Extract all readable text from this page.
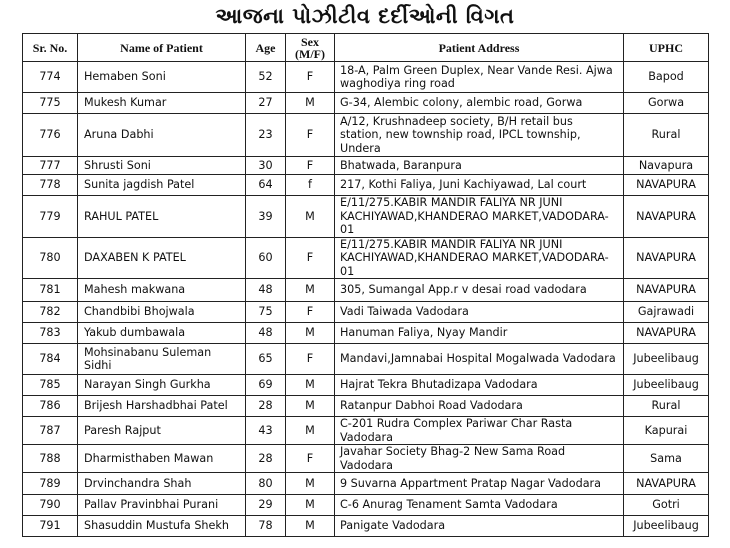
આજના પોઝીટીવ દર્દીઓની વિગત
Sr. No.	Name of Patient	Age	Sex (M/F)	Patient Address	UPHC
774	Hemaben Soni	52	F	18-A, Palm Green Duplex, Near Vande Resi. Ajwa waghodiya ring road	Bapod
775	Mukesh Kumar	27	M	G-34, Alembic colony, alembic road, Gorwa	Gorwa
776	Aruna Dabhi	23	F	A/12, Krushnadeep society, B/H retail bus station, new township road, IPCL township, Undera	Rural
777	Shrusti Soni	30	F	Bhatwada, Baranpura	Navapura
778	Sunita jagdish Patel	64	f	217, Kothi Faliya, Juni Kachiyawad, Lal court	NAVAPURA
779	RAHUL PATEL	39	M	E/11/275.KABIR MANDIR FALIYA NR JUNI KACHIYAWAD,KHANDERAO MARKET,VADODARA-01	NAVAPURA
780	DAXABEN K PATEL	60	F	E/11/275.KABIR MANDIR FALIYA NR JUNI KACHIYAWAD,KHANDERAO MARKET,VADODARA-01	NAVAPURA
781	Mahesh makwana	48	M	305, Sumangal App.r v desai road vadodara	NAVAPURA
782	Chandbibi Bhojwala	75	F	Vadi Taiwada Vadodara	Gajrawadi
783	Yakub dumbawala	48	M	Hanuman Faliya, Nyay Mandir	NAVAPURA
784	Mohsinabanu Suleman Sidhi	65	F	Mandavi,Jamnabai Hospital Mogalwada Vadodara	Jubeelibaug
785	Narayan Singh Gurkha	69	M	Hajrat Tekra Bhutadizapa Vadodara	Jubeelibaug
786	Brijesh Harshadbhai Patel	28	M	Ratanpur Dabhoi Road Vadodara	Rural
787	Paresh Rajput	43	M	C-201 Rudra Complex Pariwar Char Rasta Vadodara	Kapurai
788	Dharmisthaben Mawan	28	F	Javahar Society Bhag-2 New Sama Road Vadodara	Sama
789	Drvinchandra Shah	80	M	9 Suvarna Appartment Pratap Nagar Vadodara	NAVAPURA
790	Pallav Pravinbhai Purani	29	M	C-6 Anurag Tenament Samta Vadodara	Gotri
791	Shasuddin Mustufa Shekh	78	M	Panigate Vadodara	Jubeelibaug
